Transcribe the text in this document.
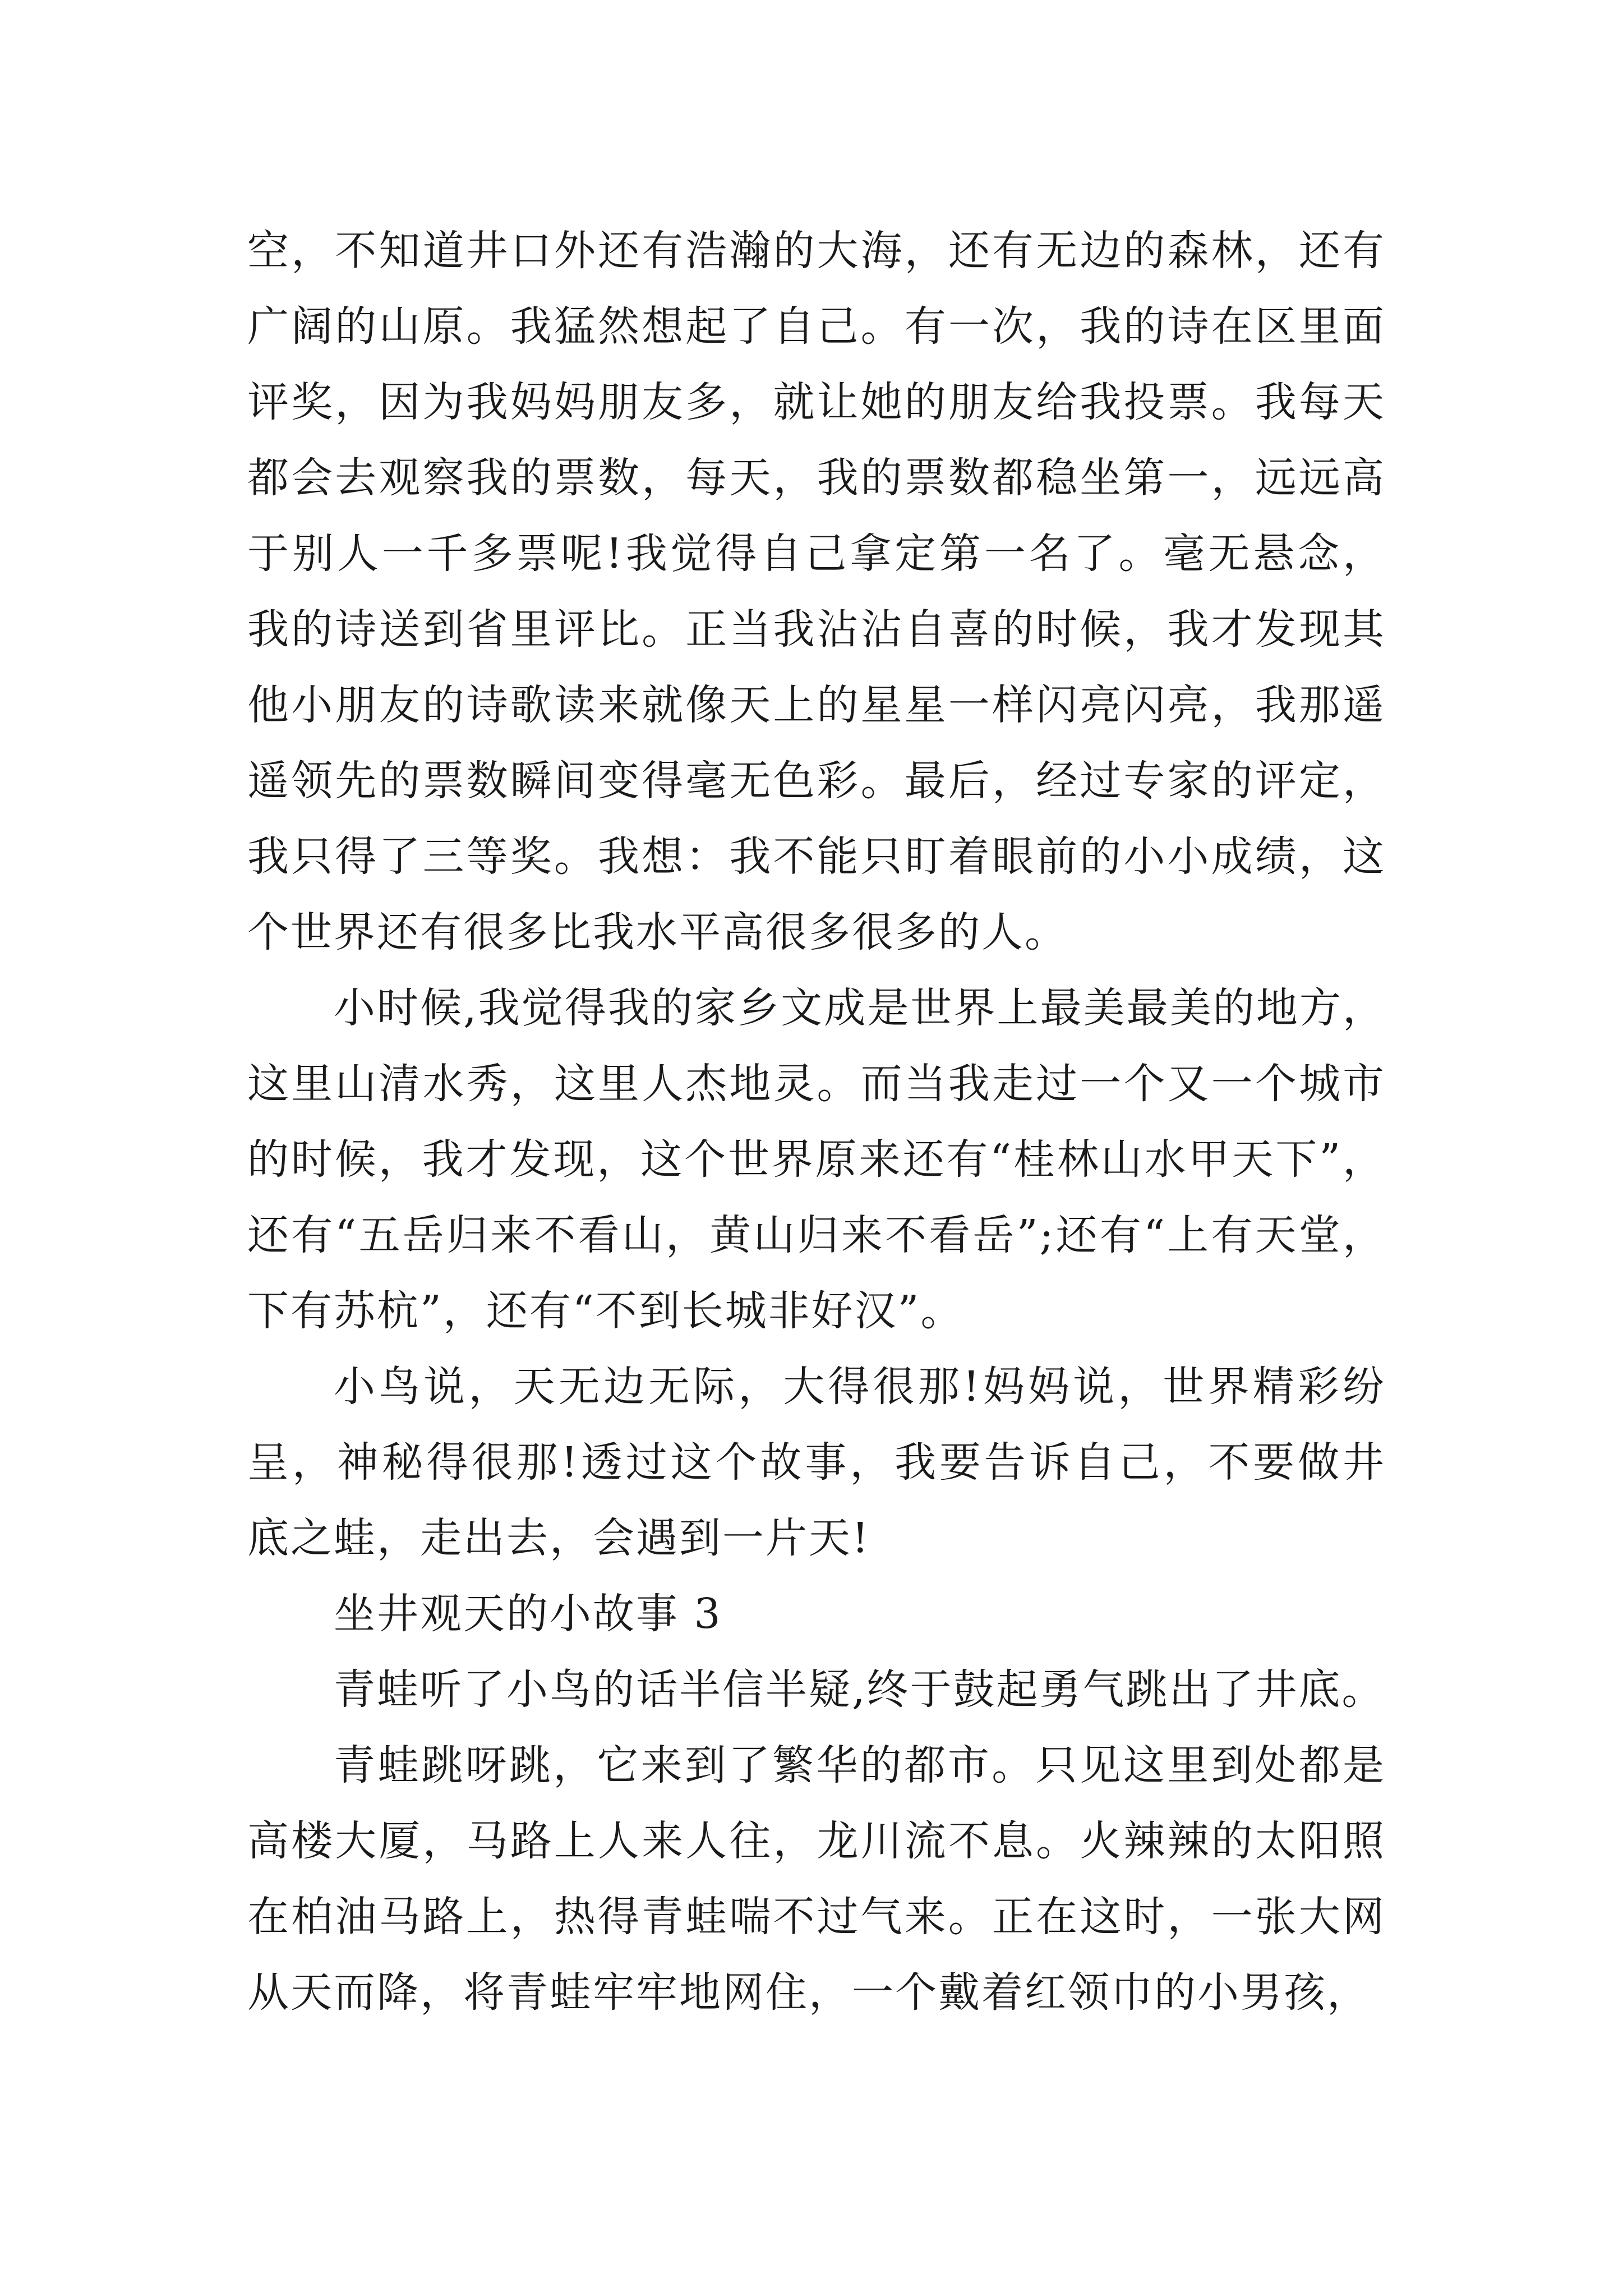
空，不知道井口外还有浩瀚的大海，还有无边的森林，还有广阔的山原。我猛然想起了自己。有一次，我的诗在区里面评奖，因为我妈妈朋友多，就让她的朋友给我投票。我每天都会去观察我的票数，每天，我的票数都稳坐第一，远远高于别人一千多票呢!我觉得自己拿定第一名了。毫无悬念，我的诗送到省里评比。正当我沾沾自喜的时候，我才发现其他小朋友的诗歌读来就像天上的星星一样闪亮闪亮，我那遥遥领先的票数瞬间变得毫无色彩。最后，经过专家的评定，我只得了三等奖。我想：我不能只盯着眼前的小小成绩，这个世界还有很多比我水平高很多很多的人。

小时候,我觉得我的家乡文成是世界上最美最美的地方，这里山清水秀，这里人杰地灵。而当我走过一个又一个城市的时候，我才发现，这个世界原来还有“桂林山水甲天下”，还有“五岳归来不看山，黄山归来不看岳”;还有“上有天堂，下有苏杭”，还有“不到长城非好汉”。

小鸟说，天无边无际，大得很那!妈妈说，世界精彩纷呈，神秘得很那!透过这个故事，我要告诉自己，不要做井底之蛙，走出去，会遇到一片天!

坐井观天的小故事 3

青蛙听了小鸟的话半信半疑,终于鼓起勇气跳出了井底。

青蛙跳呀跳，它来到了繁华的都市。只见这里到处都是高楼大厦，马路上人来人往，龙川流不息。火辣辣的太阳照在柏油马路上，热得青蛙喘不过气来。正在这时，一张大网从天而降，将青蛙牢牢地网住，一个戴着红领巾的小男孩，
